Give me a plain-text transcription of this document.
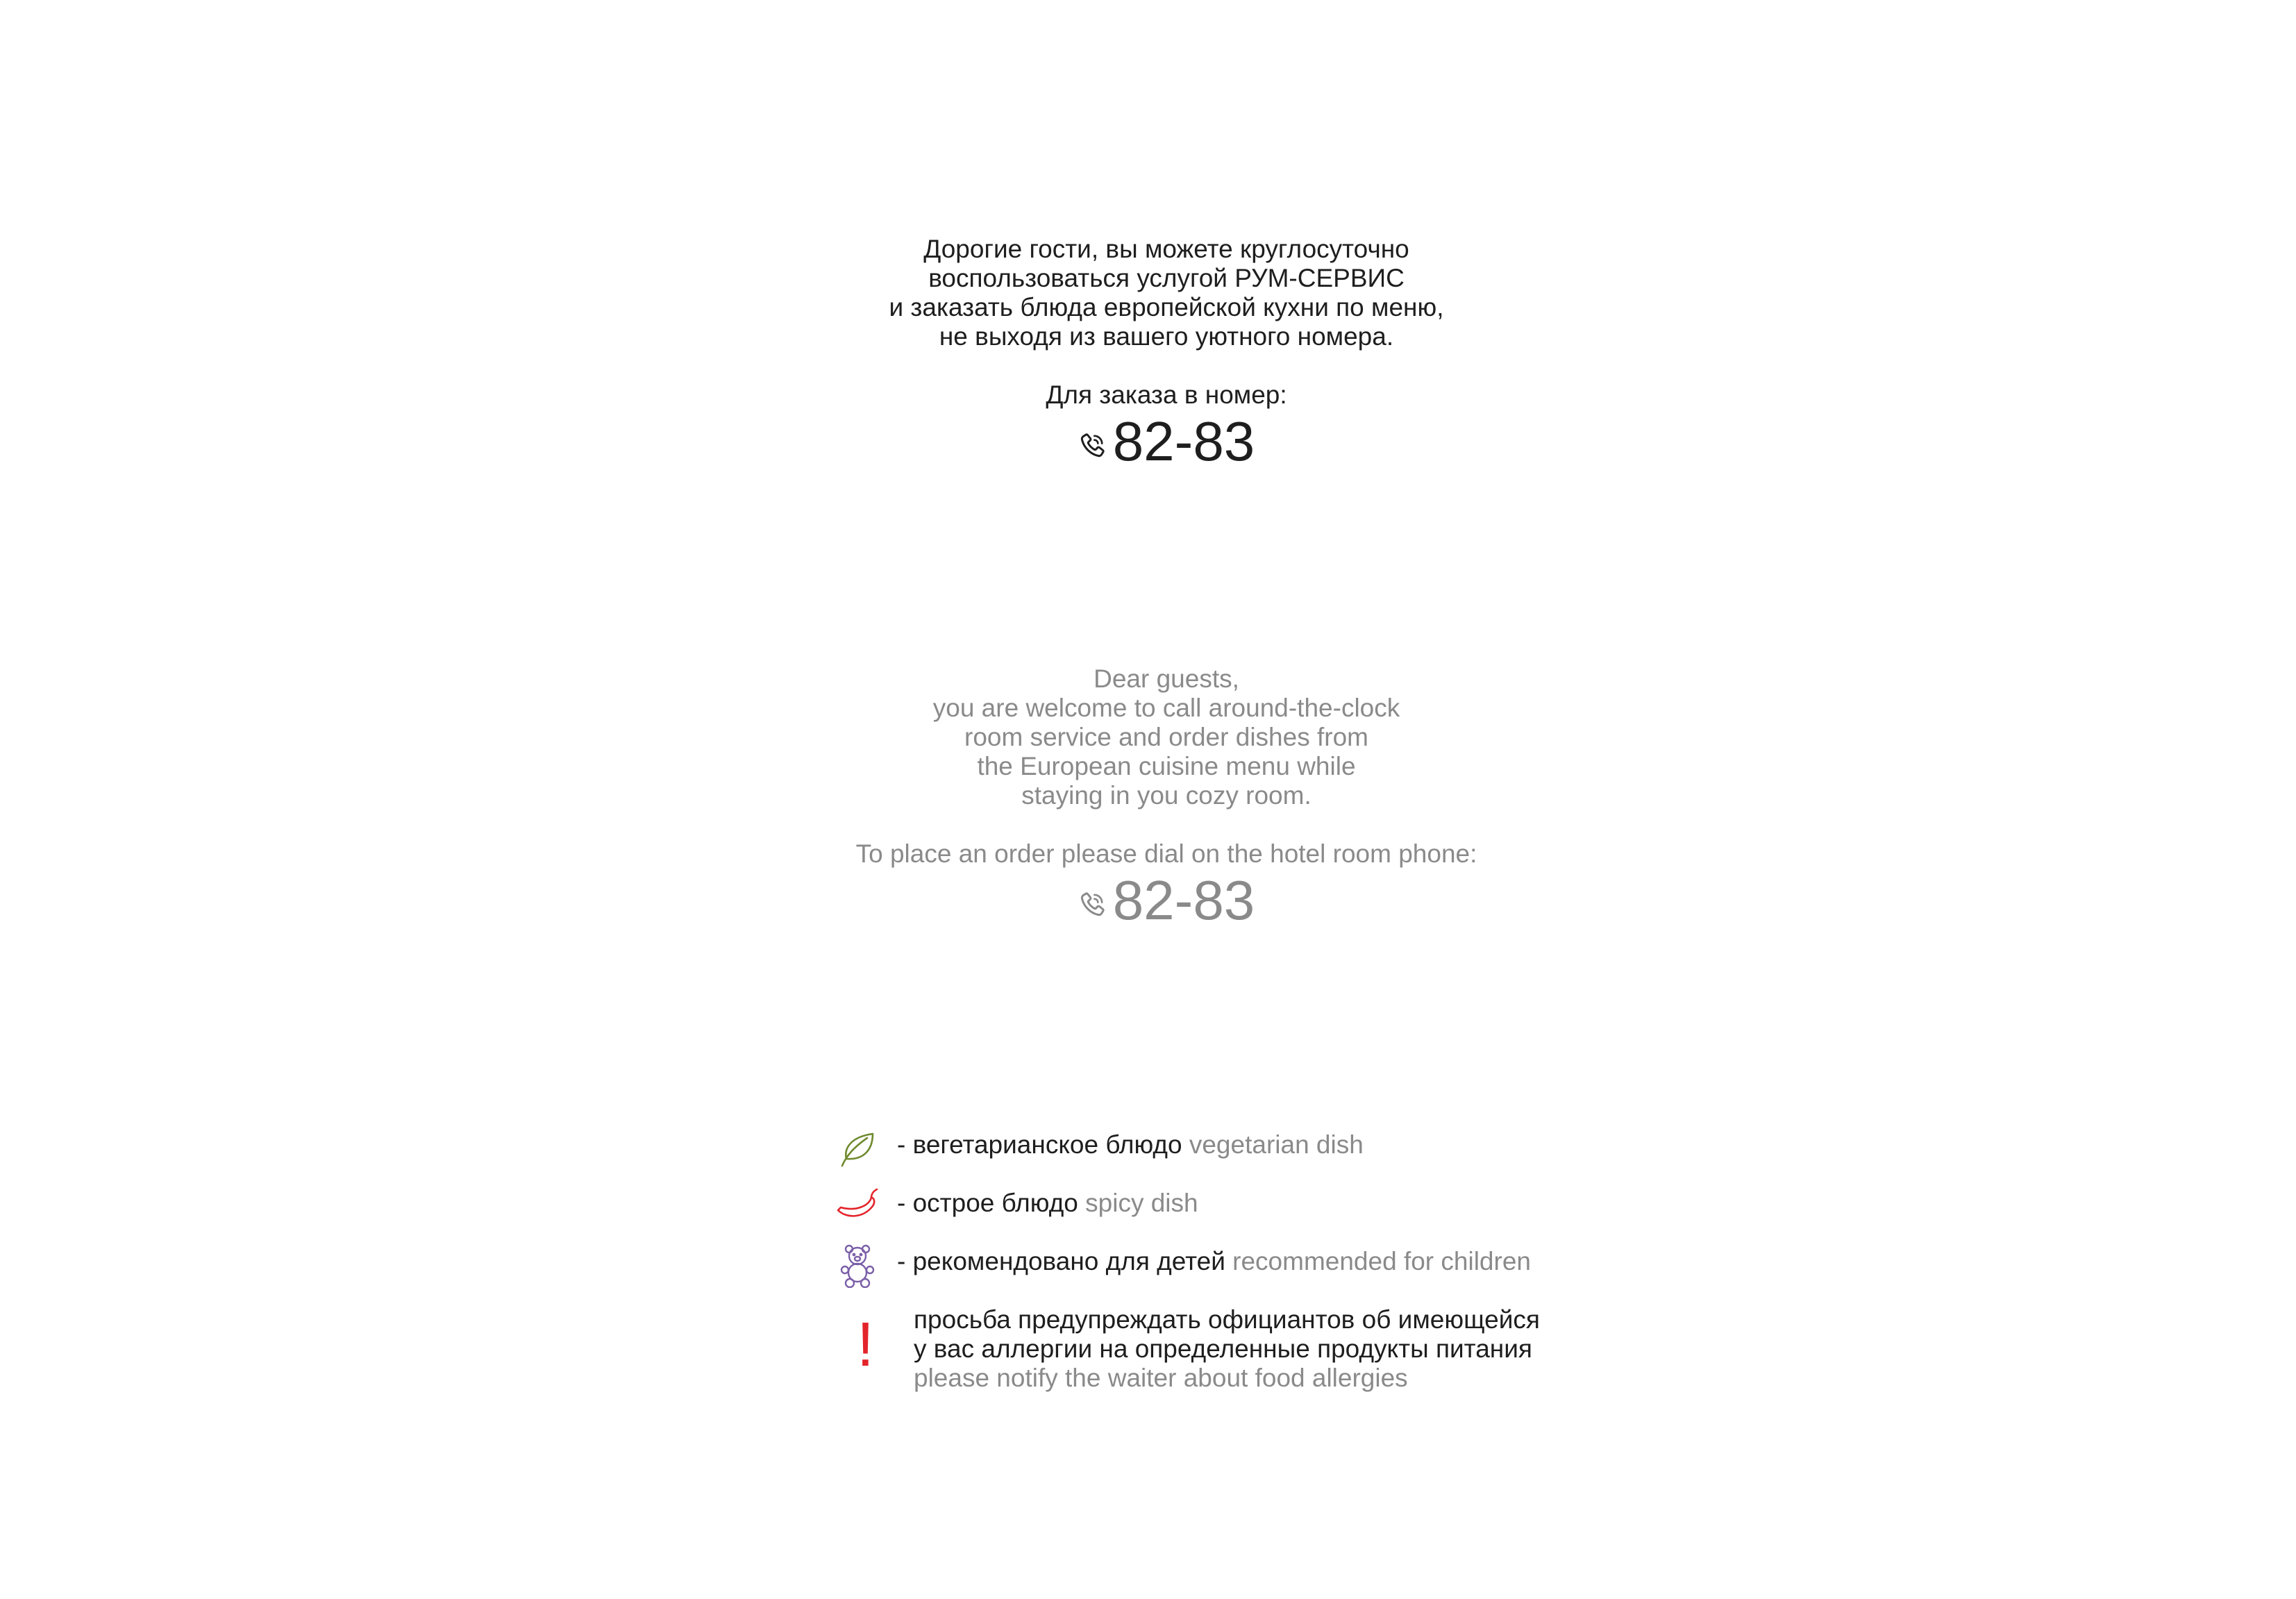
Дорогие гости, вы можете круглосуточно
воспользоваться услугой РУМ-СЕРВИС
и заказать блюда европейской кухни по меню,
не выходя из вашего уютного номера.
Для заказа в номер:
82-83
Dear guests,
you are welcome to call around-the-clock
room service and order dishes from
the European cuisine menu while
staying in you cozy room.
To place an order please dial on the hotel room phone:
82-83
- вегетарианское блюдо vegetarian dish
- острое блюдо spicy dish
- рекомендовано для детей recommended for children
! просьба предупреждать официантов об имеющейся
у вас аллергии на определенные продукты питания
please notify the waiter about food allergies
